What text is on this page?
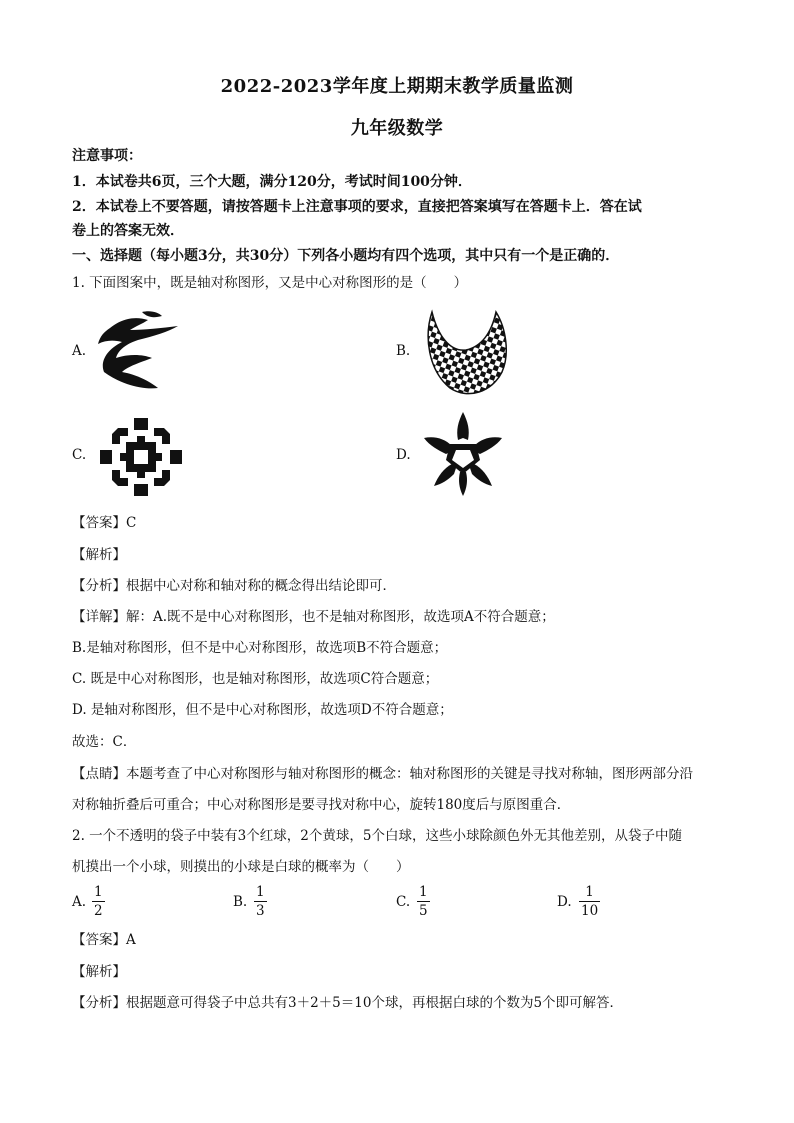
2022-2023学年度上期期末教学质量监测
九年级数学
注意事项：
1．本试卷共6页，三个大题，满分120分，考试时间100分钟．
2．本试卷上不要答题，请按答题卡上注意事项的要求，直接把答案填写在答题卡上．答在试
卷上的答案无效．
一、选择题（每小题3分，共30分）下列各小题均有四个选项，其中只有一个是正确的．
1. 下面图案中，既是轴对称图形，又是中心对称图形的是（　　）
A.	B.
C.	D.
【答案】C
【解析】
【分析】根据中心对称和轴对称的概念得出结论即可．
【详解】解：A.既不是中心对称图形，也不是轴对称图形，故选项A不符合题意；
B.是轴对称图形，但不是中心对称图形，故选项B不符合题意；
C. 既是中心对称图形，也是轴对称图形，故选项C符合题意；
D. 是轴对称图形，但不是中心对称图形，故选项D不符合题意；
故选：C．
【点睛】本题考查了中心对称图形与轴对称图形的概念：轴对称图形的关键是寻找对称轴，图形两部分沿
对称轴折叠后可重合；中心对称图形是要寻找对称中心，旋转180度后与原图重合．
2. 一个不透明的袋子中装有3个红球，2个黄球，5个白球，这些小球除颜色外无其他差别，从袋子中随
机摸出一个小球，则摸出的小球是白球的概率为（　　）
A.
1
2
B.
1
3
C.
1
5
D.
1
10
【答案】A
【解析】
【分析】根据题意可得袋子中总共有3＋2＋5＝10个球，再根据白球的个数为5个即可解答．
